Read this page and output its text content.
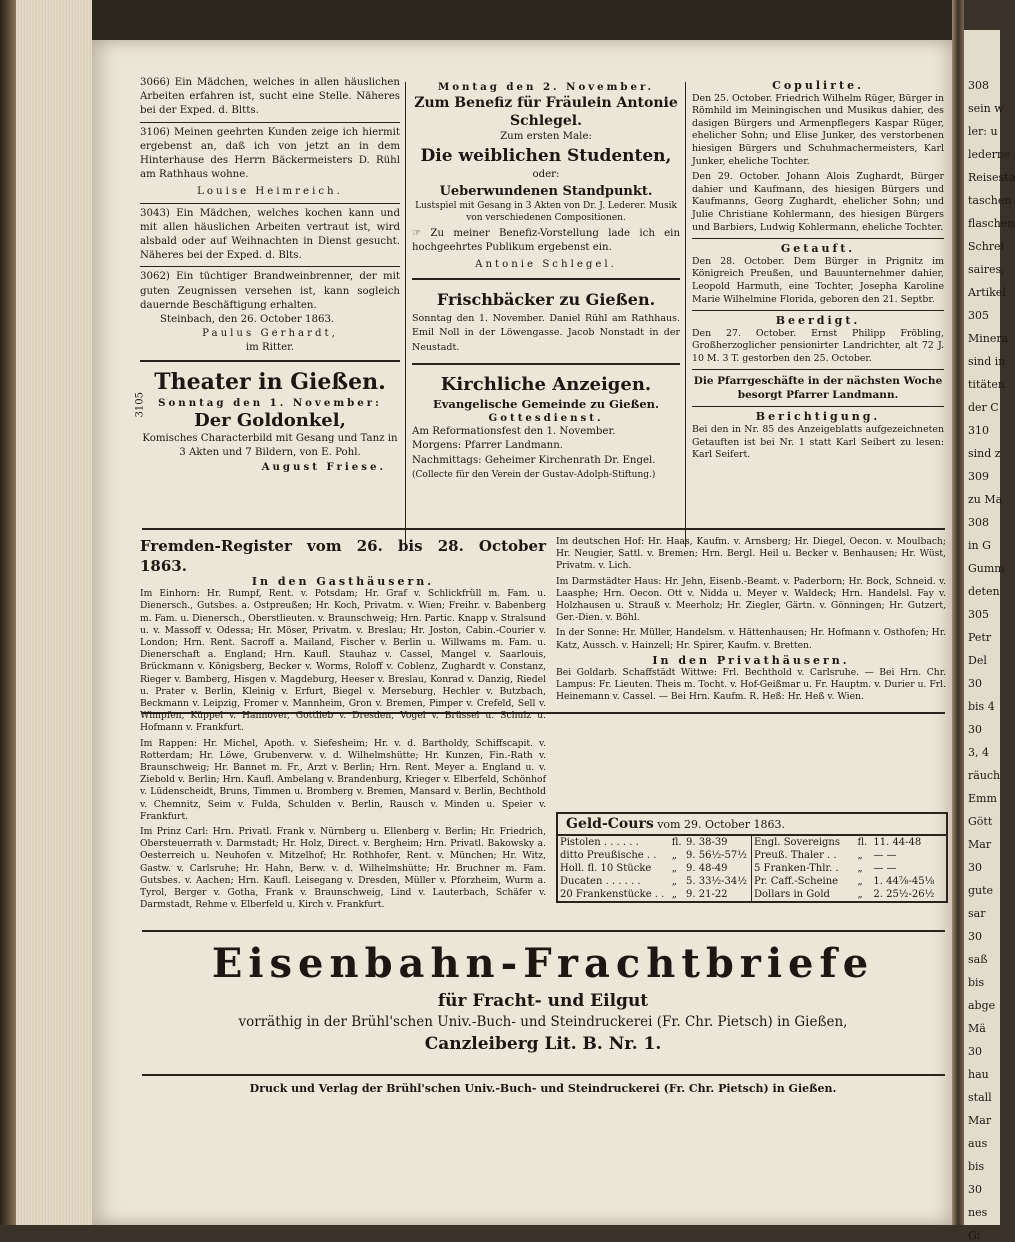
308
sein w
ler: u
lederne
Reisesta
taschen
flaschen
Schrei
saires,
Artikel
305
Minera
sind in
titäten
der C
310
sind z
309
zu Ma
308
in G
Gumm
deten
305
Petr
Del
30
bis 4
30
3, 4
räuch
Emm
Gött
Mar
30
gute
sar
30
saß
bis
abge
Mä
30
hau
stall
Mar
aus
bis
30
nes
Gi

3066) Ein Mädchen, welches in allen häuslichen Arbeiten erfahren ist, sucht eine Stelle. Näheres bei der Exped. d. Bltts.

3106) Meinen geehrten Kunden zeige ich hiermit ergebenst an, daß ich von jetzt an in dem Hinterhause des Herrn Bäckermeisters D. Rühl am Rathhaus wohne.

Louise Heimreich.

3043) Ein Mädchen, welches kochen kann und mit allen häuslichen Arbeiten vertraut ist, wird alsbald oder auf Weihnachten in Dienst gesucht. Näheres bei der Exped. d. Blts.

3062) Ein tüchtiger Brandweinbrenner, der mit guten Zeugnissen versehen ist, kann sogleich dauernde Beschäftigung erhalten.

Steinbach, den 26. October 1863.

Paulus Gerhardt,

im Ritter.

Theater in Gießen.
Sonntag den 1. November:
Der Goldonkel,

Komisches Characterbild mit Gesang und Tanz in 3 Akten und 7 Bildern, von E. Pohl.

August Friese.

3105
Montag den 2. November.
Zum Benefiz für Fräulein Antonie Schlegel.
Zum ersten Male:
Die weiblichen Studenten,
oder:
Ueberwundenen Standpunkt.

Lustspiel mit Gesang in 3 Akten von Dr. J. Lederer. Musik von verschiedenen Compositionen.

☞ Zu meiner Benefiz-Vorstellung lade ich ein hochgeehrtes Publikum ergebenst ein.

Antonie Schlegel.

Frischbäcker zu Gießen.

Sonntag den 1. November. Daniel Rühl am Rathhaus. Emil Noll in der Löwengasse. Jacob Nonstadt in der Neustadt.

Kirchliche Anzeigen.
Evangelische Gemeinde zu Gießen.
Gottesdienst.
Am Reformationsfest den 1. November.
Morgens: Pfarrer Landmann.
Nachmittags: Geheimer Kirchenrath Dr. Engel.
(Collecte für den Verein der Gustav-Adolph-Stiftung.)
Copulirte.

Den 25. October. Friedrich Wilhelm Rüger, Bürger in Römhild im Meiningischen und Musikus dahier, des dasigen Bürgers und Armenpflegers Kaspar Rüger, ehelicher Sohn; und Elise Junker, des verstorbenen hiesigen Bürgers und Schuhmachermeisters, Karl Junker, eheliche Tochter.

Den 29. October. Johann Alois Zughardt, Bürger dahier und Kaufmann, des hiesigen Bürgers und Kaufmanns, Georg Zughardt, ehelicher Sohn; und Julie Christiane Kohlermann, des hiesigen Bürgers und Barbiers, Ludwig Kohlermann, eheliche Tochter.

Getauft.

Den 28. October. Dem Bürger in Prignitz im Königreich Preußen, und Bauunternehmer dahier, Leopold Harmuth, eine Tochter, Josepha Karoline Marie Wilhelmine Florida, geboren den 21. Septbr.

Beerdigt.

Den 27. October. Ernst Philipp Fröbling, Großherzoglicher pensionirter Landrichter, alt 72 J. 10 M. 3 T. gestorben den 25. October.

Die Pfarrgeschäfte in der nächsten Woche besorgt Pfarrer Landmann.

Berichtigung.

Bei den in Nr. 85 des Anzeigeblatts aufgezeichneten Getauften ist bei Nr. 1 statt Karl Seibert zu lesen: Karl Seifert.

Fremden-Register vom 26. bis 28. October 1863.
In den Gasthäusern.

Im Einhorn: Hr. Rumpf, Rent. v. Potsdam; Hr. Graf v. Schlickfrüll m. Fam. u. Dienersch., Gutsbes. a. Ostpreußen; Hr. Koch, Privatm. v. Wien; Freihr. v. Babenberg m. Fam. u. Dienersch., Oberstlieuten. v. Braunschweig; Hrn. Partic. Knapp v. Stralsund u. v. Massoff v. Odessa; Hr. Möser, Privatm. v. Breslau; Hr. Joston, Cabin.-Courier v. London; Hrn. Rent. Sacroff a. Mailand, Fischer v. Berlin u. Willwams m. Fam. u. Dienerschaft a. England; Hrn. Kaufl. Stauhaz v. Cassel, Mangel v. Saarlouis, Brückmann v. Königsberg, Becker v. Worms, Roloff v. Coblenz, Zughardt v. Constanz, Rieger v. Bamberg, Hisgen v. Magdeburg, Heeser v. Breslau, Konrad v. Danzig, Riedel u. Prater v. Berlin, Kleinig v. Erfurt, Biegel v. Merseburg, Hechler v. Butzbach, Beckmann v. Leipzig, Fromer v. Mannheim, Gron v. Bremen, Pimper v. Crefeld, Sell v. Wimpfen, Küppel v. Hannover, Gottlieb v. Dresden, Vogel v. Brüssel u. Schulz u. Hofmann v. Frankfurt.

Im Rappen: Hr. Michel, Apoth. v. Siefesheim; Hr. v. d. Bartholdy, Schiffscapit. v. Rotterdam; Hr. Löwe, Grubenverw. v. d. Wilhelmshütte; Hr. Kunzen, Fin.-Rath v. Braunschweig; Hr. Bannet m. Fr., Arzt v. Berlin; Hrn. Rent. Meyer a. England u. v. Ziebold v. Berlin; Hrn. Kaufl. Ambelang v. Brandenburg, Krieger v. Elberfeld, Schönhof v. Lüdenscheidt, Bruns, Timmen u. Bromberg v. Bremen, Mansard v. Berlin, Bechthold v. Chemnitz, Seim v. Fulda, Schulden v. Berlin, Rausch v. Minden u. Speier v. Frankfurt.

Im Prinz Carl: Hrn. Privatl. Frank v. Nürnberg u. Ellenberg v. Berlin; Hr. Friedrich, Obersteuerrath v. Darmstadt; Hr. Holz, Direct. v. Bergheim; Hrn. Privatl. Bakowsky a. Oesterreich u. Neuhofen v. Mitzelhof; Hr. Rothhofer, Rent. v. München; Hr. Witz, Gastw. v. Carlsruhe; Hr. Hahn, Berw. v. d. Wilhelmshütte; Hr. Bruchner m. Fam. Gutsbes. v. Aachen; Hrn. Kaufl. Leisegang v. Dresden, Müller v. Pforzheim, Wurm a. Tyrol, Berger v. Gotha, Frank v. Braunschweig, Lind v. Lauterbach, Schäfer v. Darmstadt, Rehme v. Elberfeld u. Kirch v. Frankfurt.

Im deutschen Hof: Hr. Haas, Kaufm. v. Arnsberg; Hr. Diegel, Oecon. v. Moulbach; Hr. Neugier, Sattl. v. Bremen; Hrn. Bergl. Heil u. Becker v. Benhausen; Hr. Wüst, Privatm. v. Lich.

Im Darmstädter Haus: Hr. Jehn, Eisenb.-Beamt. v. Paderborn; Hr. Bock, Schneid. v. Laasphe; Hrn. Oecon. Ott v. Nidda u. Meyer v. Waldeck; Hrn. Handelsl. Fay v. Holzhausen u. Strauß v. Meerholz; Hr. Ziegler, Gärtn. v. Gönningen; Hr. Gutzert, Ger.-Dien. v. Böhl.

In der Sonne: Hr. Müller, Handelsm. v. Hättenhausen; Hr. Hofmann v. Osthofen; Hr. Katz, Aussch. v. Hainzell; Hr. Spirer, Kaufm. v. Bretten.

In den Privathäusern.

Bei Goldarb. Schaffstädt Wittwe: Frl. Bechthold v. Carlsruhe. — Bei Hrn. Chr. Lampus: Fr. Lieuten. Theis m. Tocht. v. Hof-Geißmar u. Fr. Hauptm. v. Durier u. Frl. Heinemann v. Cassel. — Bei Hrn. Kaufm. R. Heß: Hr. Heß v. Wien.

Geld-Cours vom 29. October 1863.
Pistolen . . . . . .	fl.	9. 38-39
ditto Preußische . .	„	9. 56½-57½
Holl. fl. 10 Stücke	„	9. 48-49
Ducaten . . . . . .	„	5. 33½-34½
20 Frankenstücke . .	„	9. 21-22
Engl. Sovereigns	fl.	11. 44-48
Preuß. Thaler . .	„	— —
5 Franken-Thlr. .	„	— —
Pr. Caff.-Scheine	„	1. 44⅞-45⅛
Dollars in Gold	„	2. 25½-26½
Eisenbahn-Frachtbriefe
für Fracht- und Eilgut
vorräthig in der Brühl'schen Univ.-Buch- und Steindruckerei (Fr. Chr. Pietsch) in Gießen,
Canzleiberg Lit. B. Nr. 1.
Druck und Verlag der Brühl'schen Univ.-Buch- und Steindruckerei (Fr. Chr. Pietsch) in Gießen.
